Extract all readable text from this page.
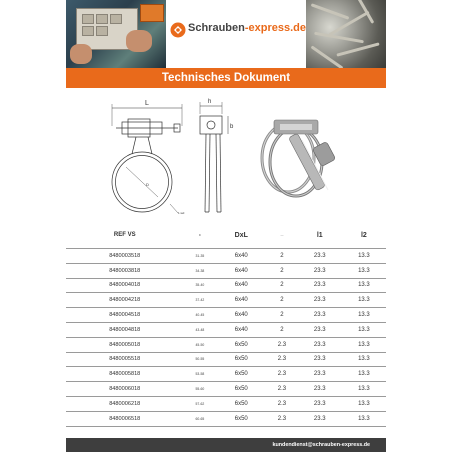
Schrauben-express.de
Technisches Dokument
L
D
1 wd
h
b
REF VS	D	DxL	—	l1	l2
8480003518	31-35	6x40	2	23.3	13.3
8480003818	34-38	6x40	2	23.3	13.3
8480004018	35-40	6x40	2	23.3	13.3
8480004218	37-42	6x40	2	23.3	13.3
8480004518	40-45	6x40	2	23.3	13.3
8480004818	43-48	6x40	2	23.3	13.3
8480005018	45-50	6x50	2.3	23.3	13.3
8480005518	50-55	6x50	2.3	23.3	13.3
8480005818	53-58	6x50	2.3	23.3	13.3
8480006018	55-60	6x50	2.3	23.3	13.3
8480006218	57-62	6x50	2.3	23.3	13.3
8480006518	60-65	6x50	2.3	23.3	13.3
kundendienst@schrauben-express.de
